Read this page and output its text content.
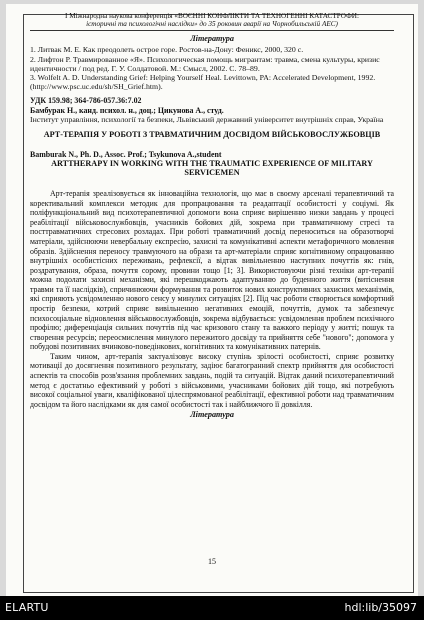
І Міжнародна наукова конференція «ВОЄННІ КОНФЛІКТИ ТА ТЕХНОГЕННІ КАТАСТРОФИ:
історичні та психологічні наслідки» до 35 роковин аварії на Чорнобильській АЕС)
Література
1. Литвак М. Е. Как преодолеть острое горе. Ростов-на-Дону: Феникс, 2000, 320 с.
2. Лифтон Р. Травмированное «Я». Психологическая помощь мигрантам: травма, смена культуры, кризис идентичности / под ред. Г. У. Солдатовой. М.: Смысл, 2002. С. 78–89.
3. Wolfelt A. D. Understanding Grief: Helping Yourself Heal. Levittown, PA: Accelerated Development, 1992. (http://www.psc.uc.edu/sh/SH_Grief.htm).
УДК 159.98; 364-786-057.36:7.02
Бамбурак Н., канд. психол. н., доц.; Цикунова А., студ.
Інститут управління, психології та безпеки, Львівський державний університет внутрішніх справ, Україна
АРТ-ТЕРАПІЯ У РОБОТІ З ТРАВМАТИЧНИМ ДОСВІДОМ ВІЙСЬКОВОСЛУЖБОВЦІВ
Bamburak N., Ph. D., Assoc. Prof.; Tsykunova A.,student
ARTTHERAPY IN WORKING WITH THE TRAUMATIC EXPERIENCE OF MILITARY SERVICEMEN

Арт-терапія зреалізовується як інноваційна технологія, що має в своєму арсеналі терапевтичний та корективальний комплекси методик для пропрацювання та реадаптації особистості у соціумі. Як поліфункціональний вид психотерапевтичної допомоги вона сприяє вирішенню низки завдань у процесі реабілітації військовослужбовців, учасників бойових дій, зокрема при травматичному стресі та посттравматичних стресових розладах. При роботі травматичний досвід переноситься на образотворчі матеріали, здійснюючи невербальну експресію, захисні та комунікативні аспекти метафоричного мовлення образів. Здійснення переносу травмуючого на образи та арт-матеріали сприяє когнітивному опрацюванню внутрішніх особистісних переживань, рефлексії, а відтак вивільненню наступних почуттів як: гнів, роздратування, образа, почуття сорому, провини тощо [1; 3]. Використовуючи різні техніки арт-терапії можна подолати захисні механізми, які перешкоджають адаптуванню до буденного життя (витіснення травми та її наслідків), спричинюючи формування та розвиток нових конструктивних захисних механізмів, які сприяють усвідомленню нового сенсу у минулих ситуаціях [2]. Під час роботи створюється комфортний простір безпеки, котрий сприяє вивільненню негативних емоцій, почуттів, думок та забезпечує психосоціальне відновлення військовослужбовців, зокрема відбувається: усвідомлення проблем психічного профілю; диференціація сильних почуттів під час кризового стану та важкого періоду у житті; пошук та створення ресурсів; переосмислення минулого пережитого досвіду та прийняття себе "нового"; допомога у побудові позитивних вчинково-поведінкових, когнітивних та комунікативних патернів.

Таким чином, арт-терапія зактуалізовує високу ступінь зрілості особистості, сприяє розвитку мотивації до досягнення позитивного результату, задіює багатогранний спектр прийняття для особистості аспектів та способів розв'язання проблемних завдань, подій та ситуацій. Відтак даний психотерапевтичний метод є достатньо ефективний у роботі з військовими, учасниками бойових дій тощо, які потребують високої соціальної уваги, кваліфікованої цілеспрямованої реабілітації, ефективної роботи над травматичним досвідом та його наслідками як для самої особистості так і найближчого її довкілля.

Література
15
ELARTU	hdl:lib/35097
